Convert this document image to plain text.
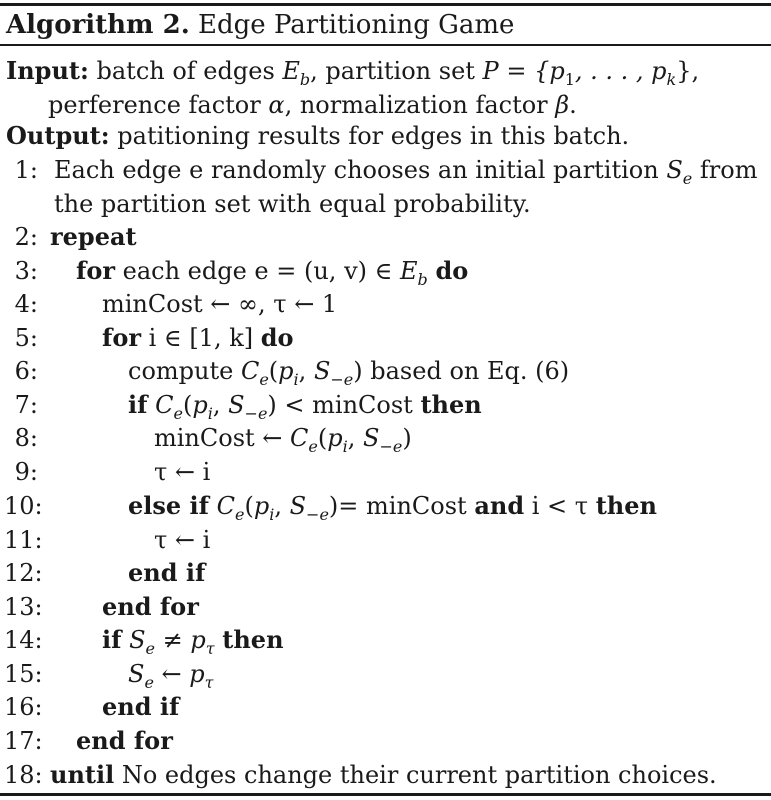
Algorithm 2. Edge Partitioning Game
Input: batch of edges $E_b$, partition set $P = \{p_1$, . . . , $p_k$},
perference factor α, normalization factor β.
Output: patitioning results for edges in this batch.
1: Each edge e randomly chooses an initial partition $S_e$ from
the partition set with equal probability.
2: repeat
3: for each edge e = (u, v) ∈ $E_b$ do
4:	minCost ← ∞, τ ← 1
5:	for i ∈ [1, k] do
6:	compute $C_e(p_i$, $S_{-e}$) based on Eq. (6)
7:	if $C_e(p_i$, $S_{-e}$) < minCost then
8:	minCost ← $C_e(p_i$, $S_{-e}$)
9:	τ ← i
10:	else if $C_e(p_i$, $S_{-e})=$ minCost and i < τ then
11:	τ ← i
12:	end if
13: end for
14: if $S_e \ne p_\tau$ then
15:	$S_e$ ← $p_\tau$
16: end if
17: end for
18: until No edges change their current partition choices.
